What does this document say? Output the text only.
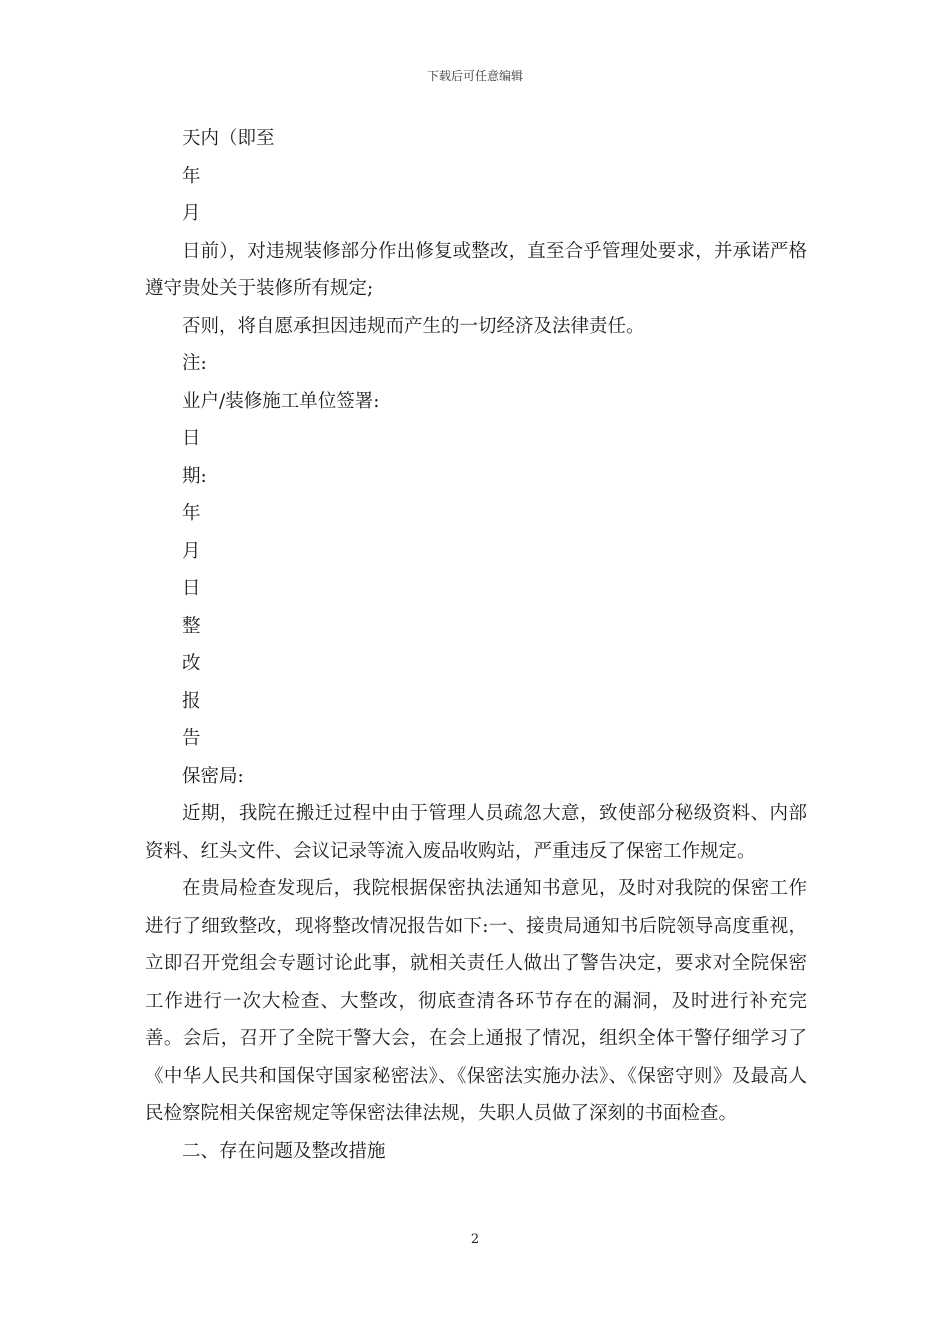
下载后可任意编辑
天内（即至
年
月
日前），对违规装修部分作出修复或整改，直至合乎管理处要求，并承诺严格遵守贵处关于装修所有规定;
否则，将自愿承担因违规而产生的一切经济及法律责任。
注:
业户/装修施工单位签署:
日
期:
年
月
日
整
改
报
告
保密局:
近期，我院在搬迁过程中由于管理人员疏忽大意，致使部分秘级资料、内部资料、红头文件、会议记录等流入废品收购站，严重违反了保密工作规定。
在贵局检查发现后，我院根据保密执法通知书意见，及时对我院的保密工作进行了细致整改，现将整改情况报告如下:一、接贵局通知书后院领导高度重视，立即召开党组会专题讨论此事，就相关责任人做出了警告决定，要求对全院保密工作进行一次大检查、大整改，彻底查清各环节存在的漏洞，及时进行补充完善。会后，召开了全院干警大会，在会上通报了情况，组织全体干警仔细学习了《中华人民共和国保守国家秘密法》、《保密法实施办法》、《保密守则》及最高人民检察院相关保密规定等保密法律法规，失职人员做了深刻的书面检查。
二、存在问题及整改措施
2
